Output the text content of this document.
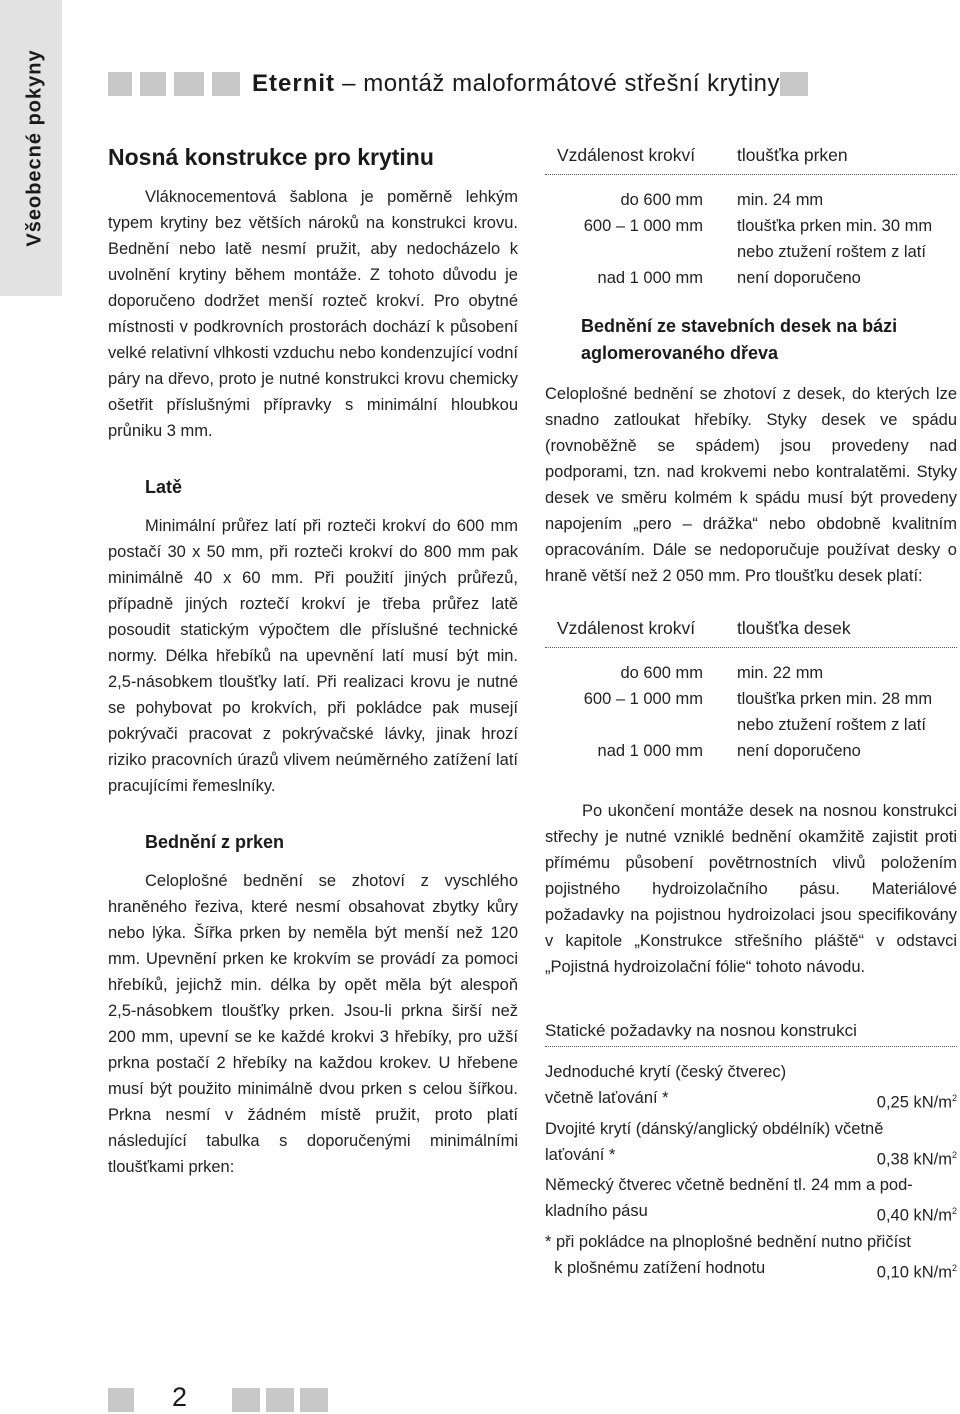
Všeobecné pokyny	Eternit – montáž maloformátové střešní krytiny
Nosná konstrukce pro krytinu

Vláknocementová šablona je poměrně lehkým typem krytiny bez větších nároků na konstrukci krovu. Bednění nebo latě nesmí pružit, aby nedocházelo k uvolnění krytiny během montáže. Z tohoto důvodu je doporučeno dodržet menší rozteč krokví. Pro obytné místnosti v podkrovních prostorách dochází k působení velké relativní vlhkosti vzduchu nebo kondenzující vodní páry na dřevo, proto je nutné konstrukci krovu chemicky ošetřit příslušnými přípravky s minimální hloubkou průniku 3 mm.

Latě

Minimální průřez latí při rozteči krokví do 600 mm postačí 30 x 50 mm, při rozteči krokví do 800 mm pak minimálně 40 x 60 mm. Při použití jiných průřezů, případně jiných roztečí krokví je třeba průřez latě posoudit statickým výpočtem dle příslušné technické normy. Délka hřebíků na upevnění latí musí být min. 2,5-násobkem tloušťky latí. Při realizaci krovu je nutné se pohybovat po krokvích, při pokládce pak musejí pokrývači pracovat z pokrývačské lávky, jinak hrozí riziko pracovních úrazů vlivem neúměrného zatížení latí pracujícími řemeslníky.

Bednění z prken

Celoplošné bednění se zhotoví z vyschlého hraněného řeziva, které nesmí obsahovat zbytky kůry nebo lýka. Šířka prken by neměla být menší než 120 mm. Upevnění prken ke krokvím se provádí za pomoci hřebíků, jejichž min. délka by opět měla být alespoň 2,5-násobkem tloušťky prken. Jsou-li prkna širší než 200 mm, upevní se ke každé krokvi 3 hřebíky, pro užší prkna postačí 2 hřebíky na každou krokev. U hřebene musí být použito minimálně dvou prken s celou šířkou. Prkna nesmí v žádném místě pružit, proto platí následující tabulka s doporučenými minimálními tloušťkami prken:

Vzdálenost krokví	tloušťka prken
do 600 mm min. 24 mm
600 – 1 000 mm tloušťka prken min. 30 mm
nebo ztužení roštem z latí
nad 1 000 mm není doporučeno
Bednění ze stavebních desek na bázi aglomerovaného dřeva

Celoplošné bednění se zhotoví z desek, do kterých lze snadno zatloukat hřebíky. Styky desek ve spádu (rovnoběžně se spádem) jsou provedeny nad podporami, tzn. nad krokvemi nebo kontralatěmi. Styky desek ve směru kolmém k spádu musí být provedeny napojením „pero – drážka“ nebo obdobně kvalitním opracováním. Dále se nedoporučuje používat desky o hraně větší než 2 050 mm. Pro tloušťku desek platí:

Vzdálenost krokví	tloušťka desek
do 600 mm min. 22 mm
600 – 1 000 mm tloušťka prken min. 28 mm
nebo ztužení roštem z latí
nad 1 000 mm není doporučeno

Po ukončení montáže desek na nosnou konstrukci střechy je nutné vzniklé bednění okamžitě zajistit proti přímému působení povětrnostních vlivů položením pojistného hydroizolačního pásu. Materiálové požadavky na pojistnou hydroizolaci jsou specifikovány v kapitole „Konstrukce střešního pláště“ v odstavci „Pojistná hydroizolační fólie“ tohoto návodu.

Statické požadavky na nosnou konstrukci
Jednoduché krytí (český čtverec)
včetně laťování *	0,25 $kN/m^2$
Dvojité krytí (dánský/anglický obdélník) včetně
laťování *	0,38 $kN/m^2$
Německý čtverec včetně bednění tl. 24 mm a pod-
kladního pásu	0,40 $kN/m^2$
* při pokládce na plnoplošné bednění nutno přičíst
k plošnému zatížení hodnotu	0,10 $kN/m^2$
2
